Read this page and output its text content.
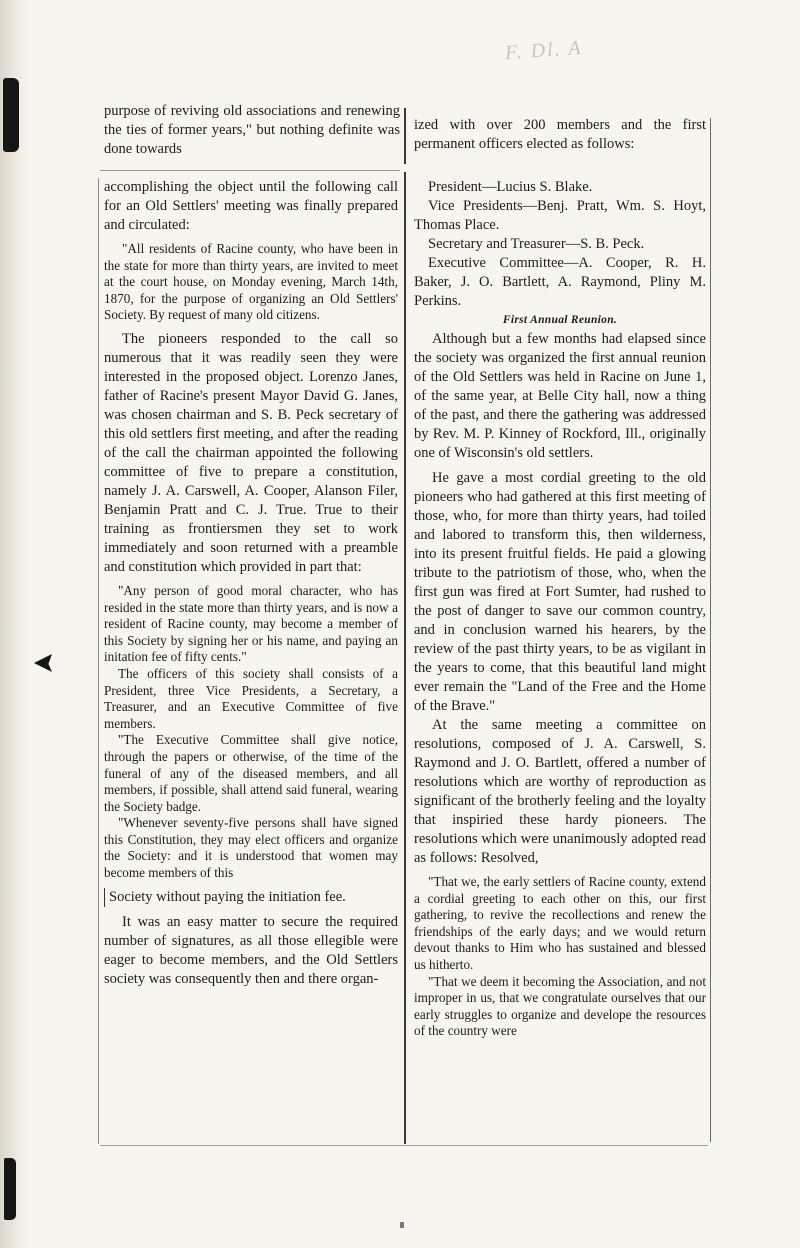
F. Dl. A

purpose of reviving old associations and renewing the ties of former years," but nothing definite was done towards

ized with over 200 members and the first permanent officers elected as follows:

accomplishing the object until the following call for an Old Settlers' meeting was finally prepared and circulated:

"All residents of Racine county, who have been in the state for more than thirty years, are invited to meet at the court house, on Monday evening, March 14th, 1870, for the purpose of organizing an Old Settlers' Society. By request of many old citizens.

The pioneers responded to the call so numerous that it was readily seen they were interested in the proposed object. Lorenzo Janes, father of Racine's present Mayor David G. Janes, was chosen chairman and S. B. Peck secretary of this old settlers first meeting, and after the reading of the call the chairman appointed the following committee of five to prepare a constitution, namely J. A. Carswell, A. Cooper, Alanson Filer, Benjamin Pratt and C. J. True. True to their training as frontiersmen they set to work immediately and soon returned with a preamble and constitution which provided in part that:

"Any person of good moral character, who has resided in the state more than thirty years, and is now a resident of Racine county, may become a member of this Society by signing her or his name, and paying an initation fee of fifty cents."

The officers of this society shall consists of a President, three Vice Presidents, a Secretary, a Treasurer, and an Executive Committee of five members.

"The Executive Committee shall give notice, through the papers or otherwise, of the time of the funeral of any of the diseased members, and all members, if possible, shall attend said funeral, wearing the Society badge.

"Whenever seventy-five persons shall have signed this Constitution, they may elect officers and organize the Society: and it is understood that women may become members of this

Society without paying the initiation fee.

It was an easy matter to secure the required number of signatures, as all those ellegible were eager to become members, and the Old Settlers society was consequently then and there organ-

President—Lucius S. Blake.

Vice Presidents—Benj. Pratt, Wm. S. Hoyt, Thomas Place.

Secretary and Treasurer—S. B. Peck.

Executive Committee—A. Cooper, R. H. Baker, J. O. Bartlett, A. Raymond, Pliny M. Perkins.

First Annual Reunion.

Although but a few months had elapsed since the society was organized the first annual reunion of the Old Settlers was held in Racine on June 1, of the same year, at Belle City hall, now a thing of the past, and there the gathering was addressed by Rev. M. P. Kinney of Rockford, Ill., originally one of Wisconsin's old settlers.

He gave a most cordial greeting to the old pioneers who had gathered at this first meeting of those, who, for more than thirty years, had toiled and labored to transform this, then wilderness, into its present fruitful fields. He paid a glowing tribute to the patriotism of those, who, when the first gun was fired at Fort Sumter, had rushed to the post of danger to save our common country, and in conclusion warned his hearers, by the review of the past thirty years, to be as vigilant in the years to come, that this beautiful land might ever remain the "Land of the Free and the Home of the Brave."

At the same meeting a committee on resolutions, composed of J. A. Carswell, S. Raymond and J. O. Bartlett, offered a number of resolutions which are worthy of reproduction as significant of the brotherly feeling and the loyalty that inspiried these hardy pioneers. The resolutions which were unanimously adopted read as follows: Resolved,

"That we, the early settlers of Racine county, extend a cordial greeting to each other on this, our first gathering, to revive the recollections and renew the friendships of the early days; and we would return devout thanks to Him who has sustained and blessed us hitherto.

"That we deem it becoming the Association, and not improper in us, that we congratulate ourselves that our early struggles to organize and develope the resources of the country were
